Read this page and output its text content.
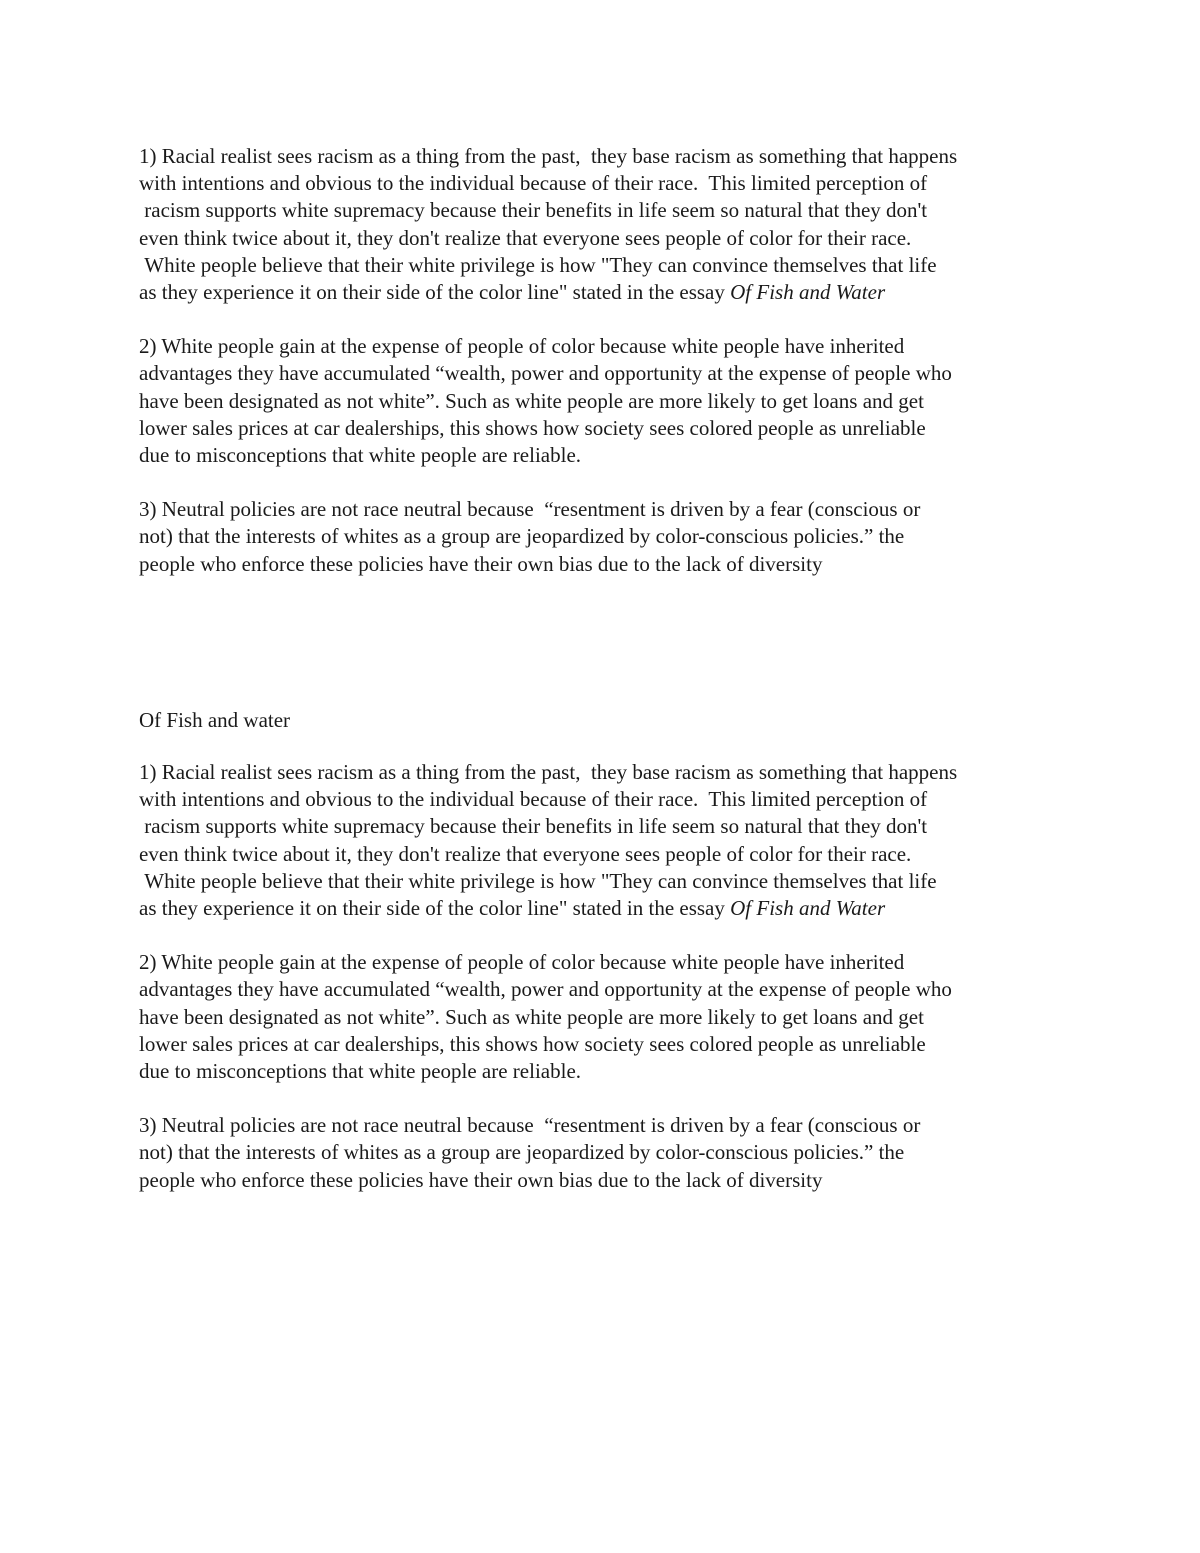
1) Racial realist sees racism as a thing from the past,  they base racism as something that happens
with intentions and obvious to the individual because of their race.  This limited perception of
racism supports white supremacy because their benefits in life seem so natural that they don't
even think twice about it, they don't realize that everyone sees people of color for their race.
White people believe that their white privilege is how "They can convince themselves that life
as they experience it on their side of the color line" stated in the essay Of Fish and Water

2) White people gain at the expense of people of color because white people have inherited
advantages they have accumulated “wealth, power and opportunity at the expense of people who
have been designated as not white”. Such as white people are more likely to get loans and get
lower sales prices at car dealerships, this shows how society sees colored people as unreliable
due to misconceptions that white people are reliable.

3) Neutral policies are not race neutral because  “resentment is driven by a fear (conscious or
not) that the interests of whites as a group are jeopardized by color-conscious policies.” the
people who enforce these policies have their own bias due to the lack of diversity

Of Fish and water

1) Racial realist sees racism as a thing from the past,  they base racism as something that happens
with intentions and obvious to the individual because of their race.  This limited perception of
racism supports white supremacy because their benefits in life seem so natural that they don't
even think twice about it, they don't realize that everyone sees people of color for their race.
White people believe that their white privilege is how "They can convince themselves that life
as they experience it on their side of the color line" stated in the essay Of Fish and Water

2) White people gain at the expense of people of color because white people have inherited
advantages they have accumulated “wealth, power and opportunity at the expense of people who
have been designated as not white”. Such as white people are more likely to get loans and get
lower sales prices at car dealerships, this shows how society sees colored people as unreliable
due to misconceptions that white people are reliable.

3) Neutral policies are not race neutral because  “resentment is driven by a fear (conscious or
not) that the interests of whites as a group are jeopardized by color-conscious policies.” the
people who enforce these policies have their own bias due to the lack of diversity
